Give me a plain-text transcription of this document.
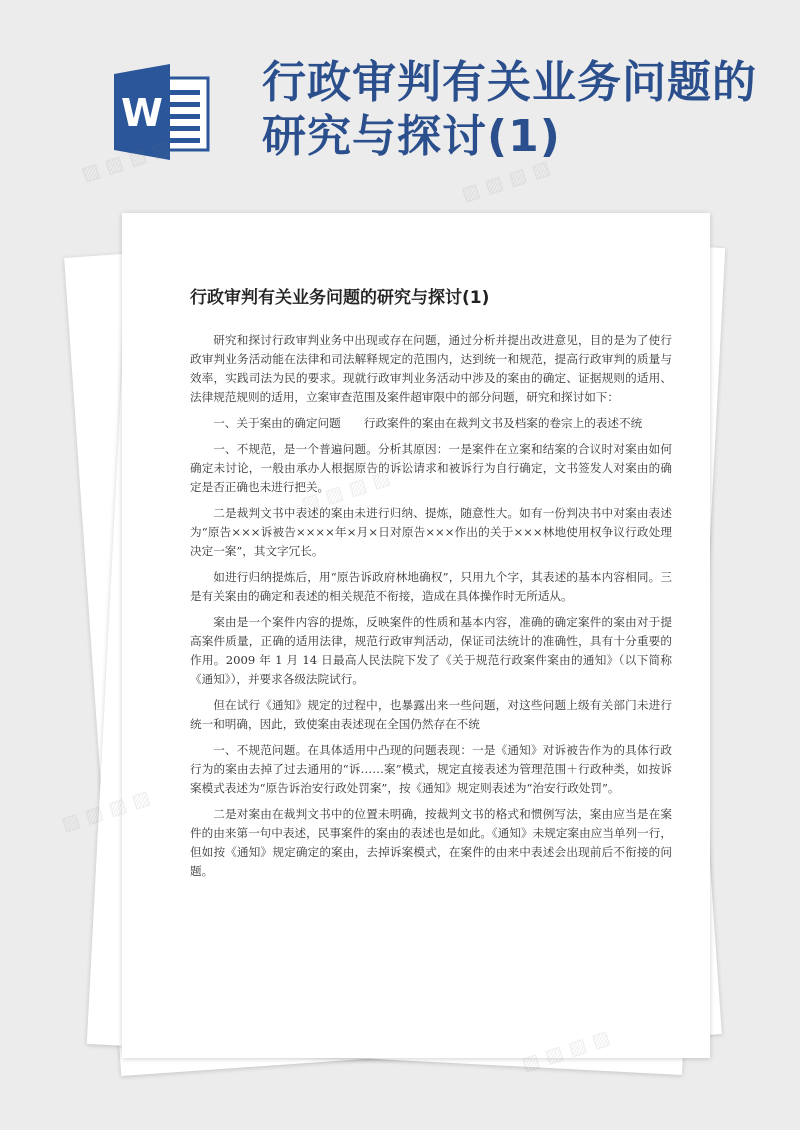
W
行政审判有关业务问题的研究与探讨(1)
行政审判有关业务问题的研究与探讨(1)

研究和探讨行政审判业务中出现或存在问题，通过分析并提出改进意见，目的是为了使行政审判业务活动能在法律和司法解释规定的范围内，达到统一和规范，提高行政审判的质量与效率，实践司法为民的要求。现就行政审判业务活动中涉及的案由的确定、证据规则的适用、法律规范规则的适用，立案审查范围及案件超审限中的部分问题，研究和探讨如下：

一、关于案由的确定问题　　行政案件的案由在裁判文书及档案的卷宗上的表述不统

一、不规范，是一个普遍问题。分析其原因：一是案件在立案和结案的合议时对案由如何确定未讨论，一般由承办人根据原告的诉讼请求和被诉行为自行确定，文书签发人对案由的确定是否正确也未进行把关。

二是裁判文书中表述的案由未进行归纳、提炼，随意性大。如有一份判决书中对案由表述为“原告×××诉被告××××年×月×日对原告×××作出的关于×××林地使用权争议行政处理决定一案”，其文字冗长。

如进行归纳提炼后，用“原告诉政府林地确权”，只用九个字，其表述的基本内容相同。三是有关案由的确定和表述的相关规范不衔接，造成在具体操作时无所适从。

案由是一个案件内容的提炼，反映案件的性质和基本内容，准确的确定案件的案由对于提高案件质量，正确的适用法律，规范行政审判活动，保证司法统计的准确性，具有十分重要的作用。2009 年 1 月 14 日最高人民法院下发了《关于规范行政案件案由的通知》（以下简称《通知》），并要求各级法院试行。

但在试行《通知》规定的过程中，也暴露出来一些问题，对这些问题上级有关部门未进行统一和明确，因此，致使案由表述现在全国仍然存在不统

一、不规范问题。在具体适用中凸现的问题表现：一是《通知》对诉被告作为的具体行政行为的案由去掉了过去通用的“诉……案”模式，规定直接表述为管理范围＋行政种类，如按诉案模式表述为“原告诉治安行政处罚案”，按《通知》规定则表述为“治安行政处罚”。

二是对案由在裁判文书中的位置未明确，按裁判文书的格式和惯例写法，案由应当是在案件的由来第一句中表述，民事案件的案由的表述也是如此。《通知》未规定案由应当单列一行，但如按《通知》规定确定的案由，去掉诉案模式，在案件的由来中表述会出现前后不衔接的问题。

▨ ▨ ▨ ▨	▨ ▨ ▨ ▨
▨ ▨
